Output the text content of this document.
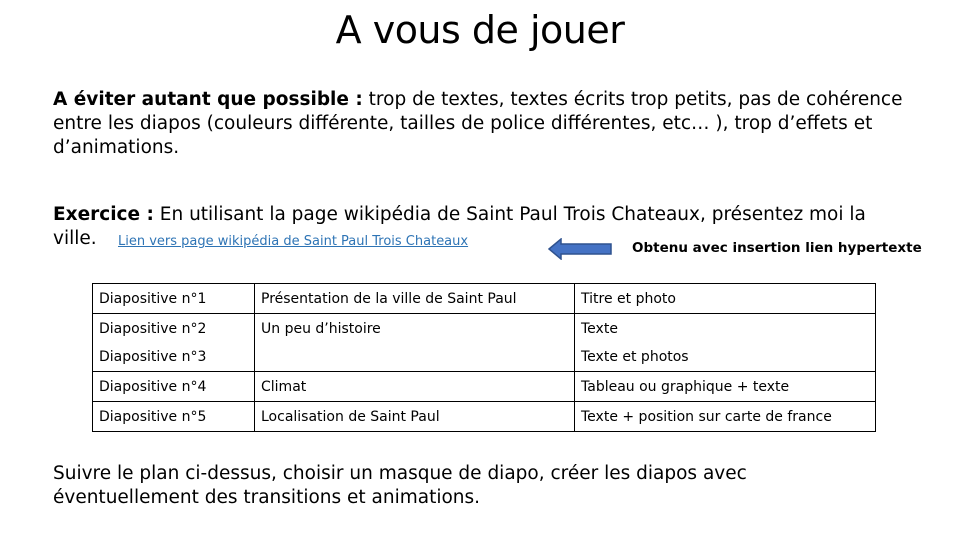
A vous de jouer
A éviter autant que possible : trop de textes, textes écrits trop petits, pas de cohérence entre les diapos (couleurs différente, tailles de police différentes, etc… ), trop d’effets et d’animations.
Exercice : En utilisant la page wikipédia de Saint Paul Trois Chateaux, présentez moi la ville.	Lien vers page wikipédia de Saint Paul Trois Chateaux	Obtenu avec insertion lien hypertexte
Diapositive n°1	Présentation de la ville de Saint Paul	Titre et photo
Diapositive n°2	Un peu d’histoire	Texte
Diapositive n°3		Texte et photos
Diapositive n°4	Climat	Tableau ou graphique + texte
Diapositive n°5	Localisation de Saint Paul	Texte + position sur carte de france
Suivre le plan ci-dessus, choisir un masque de diapo, créer les diapos avec éventuellement des transitions et animations.
